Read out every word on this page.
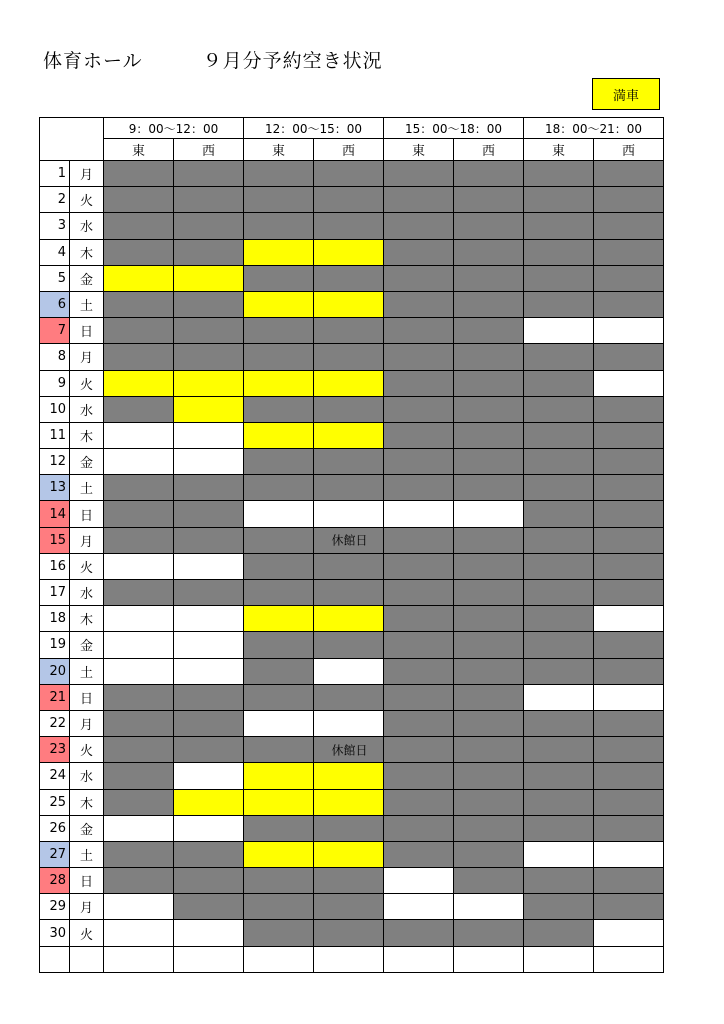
体育ホール	９月分予約空き状況
満車
		9：00～12：00		12：00～15：00		15：00～18：00		18：00～21：00	
		東	西	東	西	東	西	東	西
1	月								
2	火								
3	水								
4	木								
5	金								
6	土								
7	日								
8	月								
9	火								
10	水								
11	木								
12	金								
13	土								
14	日								
15	月				休館日				

16	火								
17	水								
18	木								
19	金								
20	土								
21	日								
22	月								
23	火				休館日				

24	水								
25	木								
26	金								
27	土								
28	日								
29	月								
30	火								
